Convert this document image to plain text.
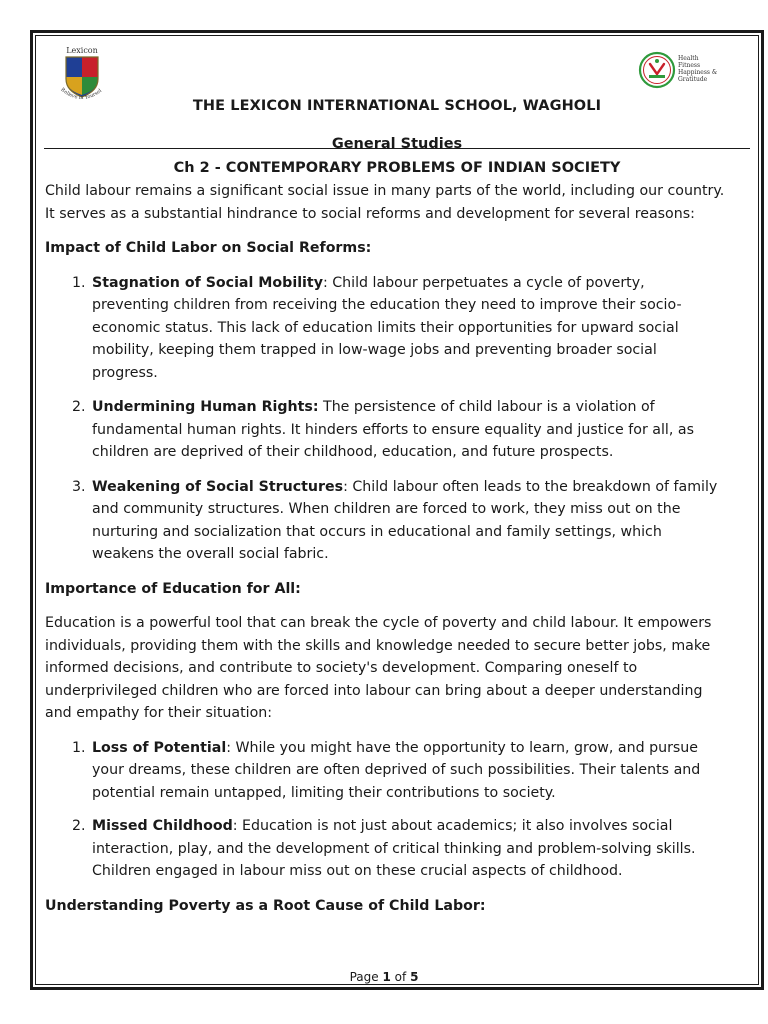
THE LEXICON INTERNATIONAL SCHOOL, WAGHOLI
General Studies
Ch 2 - CONTEMPORARY PROBLEMS OF INDIAN SOCIETY
Lexicon
Believe in Yoursel
Health
Fitness
Happiness &
Gratitude

Child labour remains a significant social issue in many parts of the world, including our country. It serves as a substantial hindrance to social reforms and development for several reasons:

Impact of Child Labor on Social Reforms:

1. Stagnation of Social Mobility: Child labour perpetuates a cycle of poverty, preventing children from receiving the education they need to improve their socio-economic status. This lack of education limits their opportunities for upward social mobility, keeping them trapped in low-wage jobs and preventing broader social progress.
2. Undermining Human Rights: The persistence of child labour is a violation of fundamental human rights. It hinders efforts to ensure equality and justice for all, as children are deprived of their childhood, education, and future prospects.
3. Weakening of Social Structures: Child labour often leads to the breakdown of family and community structures. When children are forced to work, they miss out on the nurturing and socialization that occurs in educational and family settings, which weakens the overall social fabric.

Importance of Education for All:

Education is a powerful tool that can break the cycle of poverty and child labour. It empowers individuals, providing them with the skills and knowledge needed to secure better jobs, make informed decisions, and contribute to society's development. Comparing oneself to underprivileged children who are forced into labour can bring about a deeper understanding and empathy for their situation:

1. Loss of Potential: While you might have the opportunity to learn, grow, and pursue your dreams, these children are often deprived of such possibilities. Their talents and potential remain untapped, limiting their contributions to society.
2. Missed Childhood: Education is not just about academics; it also involves social interaction, play, and the development of critical thinking and problem-solving skills. Children engaged in labour miss out on these crucial aspects of childhood.

Understanding Poverty as a Root Cause of Child Labor:

Page 1 of 5
